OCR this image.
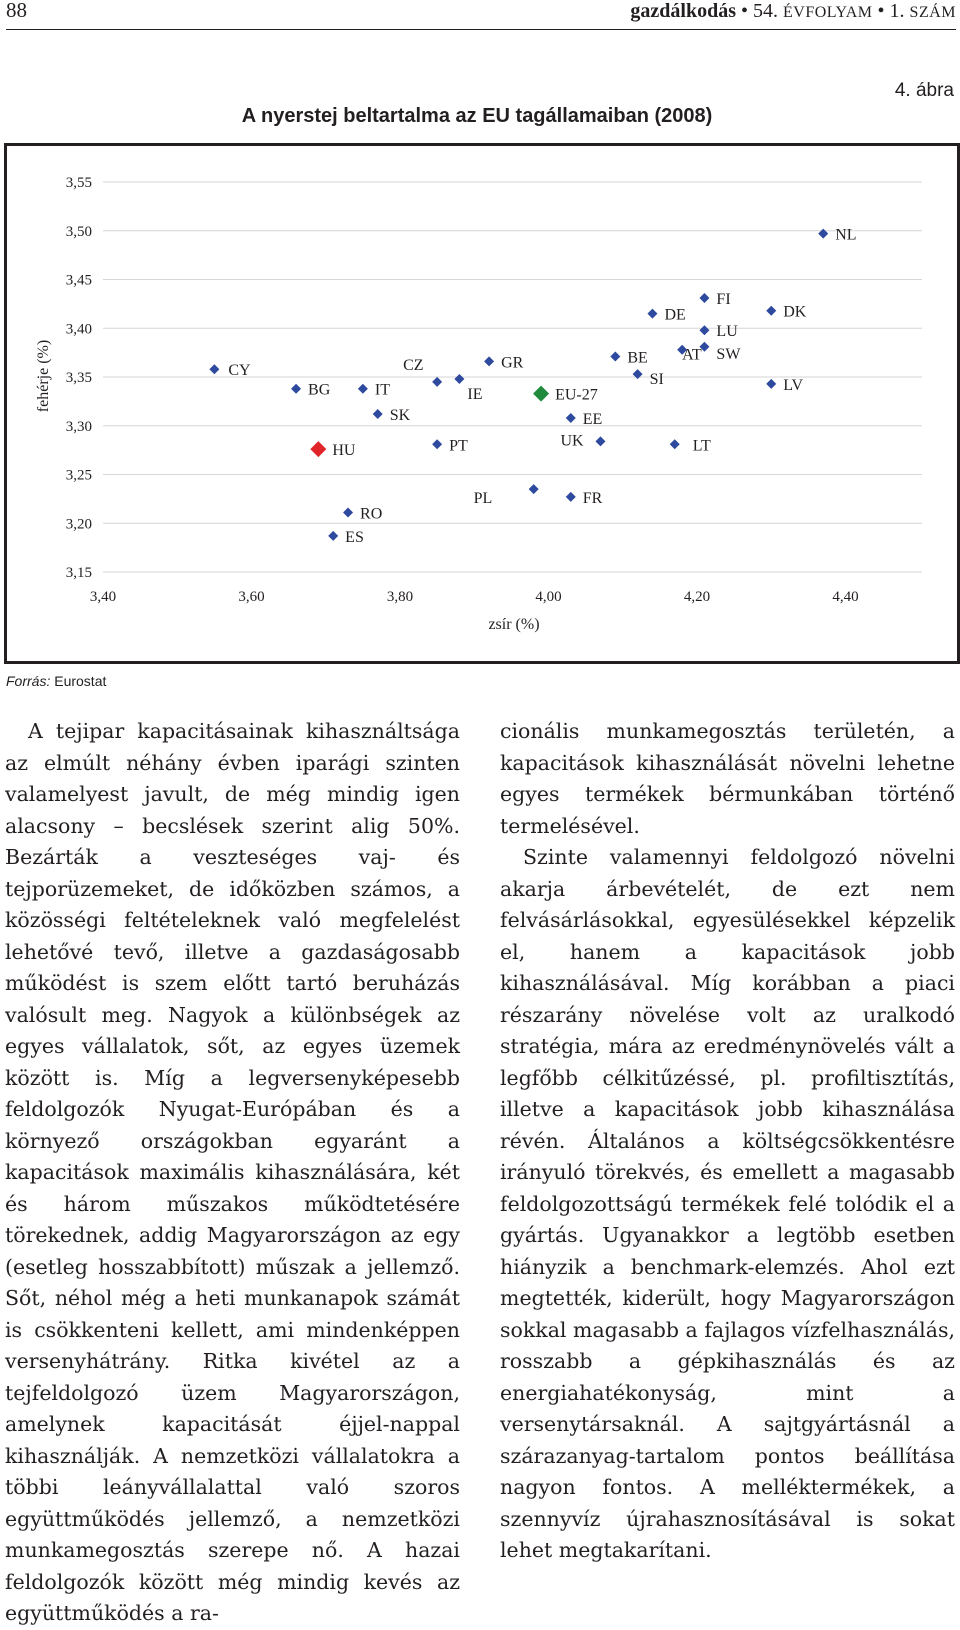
88	gazdálkodás • 54. ÉVFOLYAM • 1. SZÁM
4. ábra
A nyerstej beltartalma az EU tagállamaiban (2008)
3,55
3,50
3,45
3,40
3,35
3,30
3,25
3,20
3,15
3,40	3,60	3,80	4,00	4,20	4,40
CY
BG	IT
SK
HU
RO
ES
CZ
IE
PT
GR
PL
EU-27
EE
UK
FR
BE
SI
DE
AT
FI
LU
SW
LT
DK
LV
NL
zsír (%)
fehérje (%)
Forrás: Eurostat

A tejipar kapacitásainak kihasználtsága az elmúlt néhány évben iparági szinten valamelyest javult, de még mindig igen alacsony – becslések szerint alig 50%. Bezárták a veszteséges vaj- és tejporüzemeket, de időközben számos, a közösségi feltételeknek való megfelelést lehetővé tevő, illetve a gazdaságosabb működést is szem előtt tartó beruházás valósult meg. Nagyok a különbségek az egyes vállalatok, sőt, az egyes üzemek között is. Míg a legversenyképesebb feldolgozók Nyugat-Európában és a környező országokban egyaránt a kapacitások maximális kihasználására, két és három műszakos működtetésére törekednek, addig Magyarországon az egy (esetleg hosszabbított) műszak a jellemző. Sőt, néhol még a heti munkanapok számát is csökkenteni kellett, ami mindenképpen versenyhátrány. Ritka kivétel az a tejfeldolgozó üzem Magyarországon, amelynek kapacitását éjjel-nappal kihasználják. A nemzetközi vállalatokra a többi leányvállalattal való szoros együttműködés jellemző, a nemzetközi munkamegosztás szerepe nő. A hazai feldolgozók között még mindig kevés az együttműködés a ra-

cionális munkamegosztás területén, a kapacitások kihasználását növelni lehetne egyes termékek bérmunkában történő termelésével.

Szinte valamennyi feldolgozó növelni akarja árbevételét, de ezt nem felvásárlásokkal, egyesülésekkel képzelik el, hanem a kapacitások jobb kihasználásával. Míg korábban a piaci részarány növelése volt az uralkodó stratégia, mára az eredménynövelés vált a legfőbb célkitűzéssé, pl. profiltisztítás, illetve a kapacitások jobb kihasználása révén. Általános a költségcsökkentésre irányuló törekvés, és emellett a magasabb feldolgozottságú termékek felé tolódik el a gyártás. Ugyanakkor a legtöbb esetben hiányzik a benchmark-elemzés. Ahol ezt megtették, kiderült, hogy Magyarországon sokkal magasabb a fajlagos vízfelhasználás, rosszabb a gépkihasználás és az energiahatékonyság, mint a versenytársaknál. A sajtgyártásnál a szárazanyag-tartalom pontos beállítása nagyon fontos. A melléktermékek, a szennyvíz újrahasznosításával is sokat lehet megtakarítani.
